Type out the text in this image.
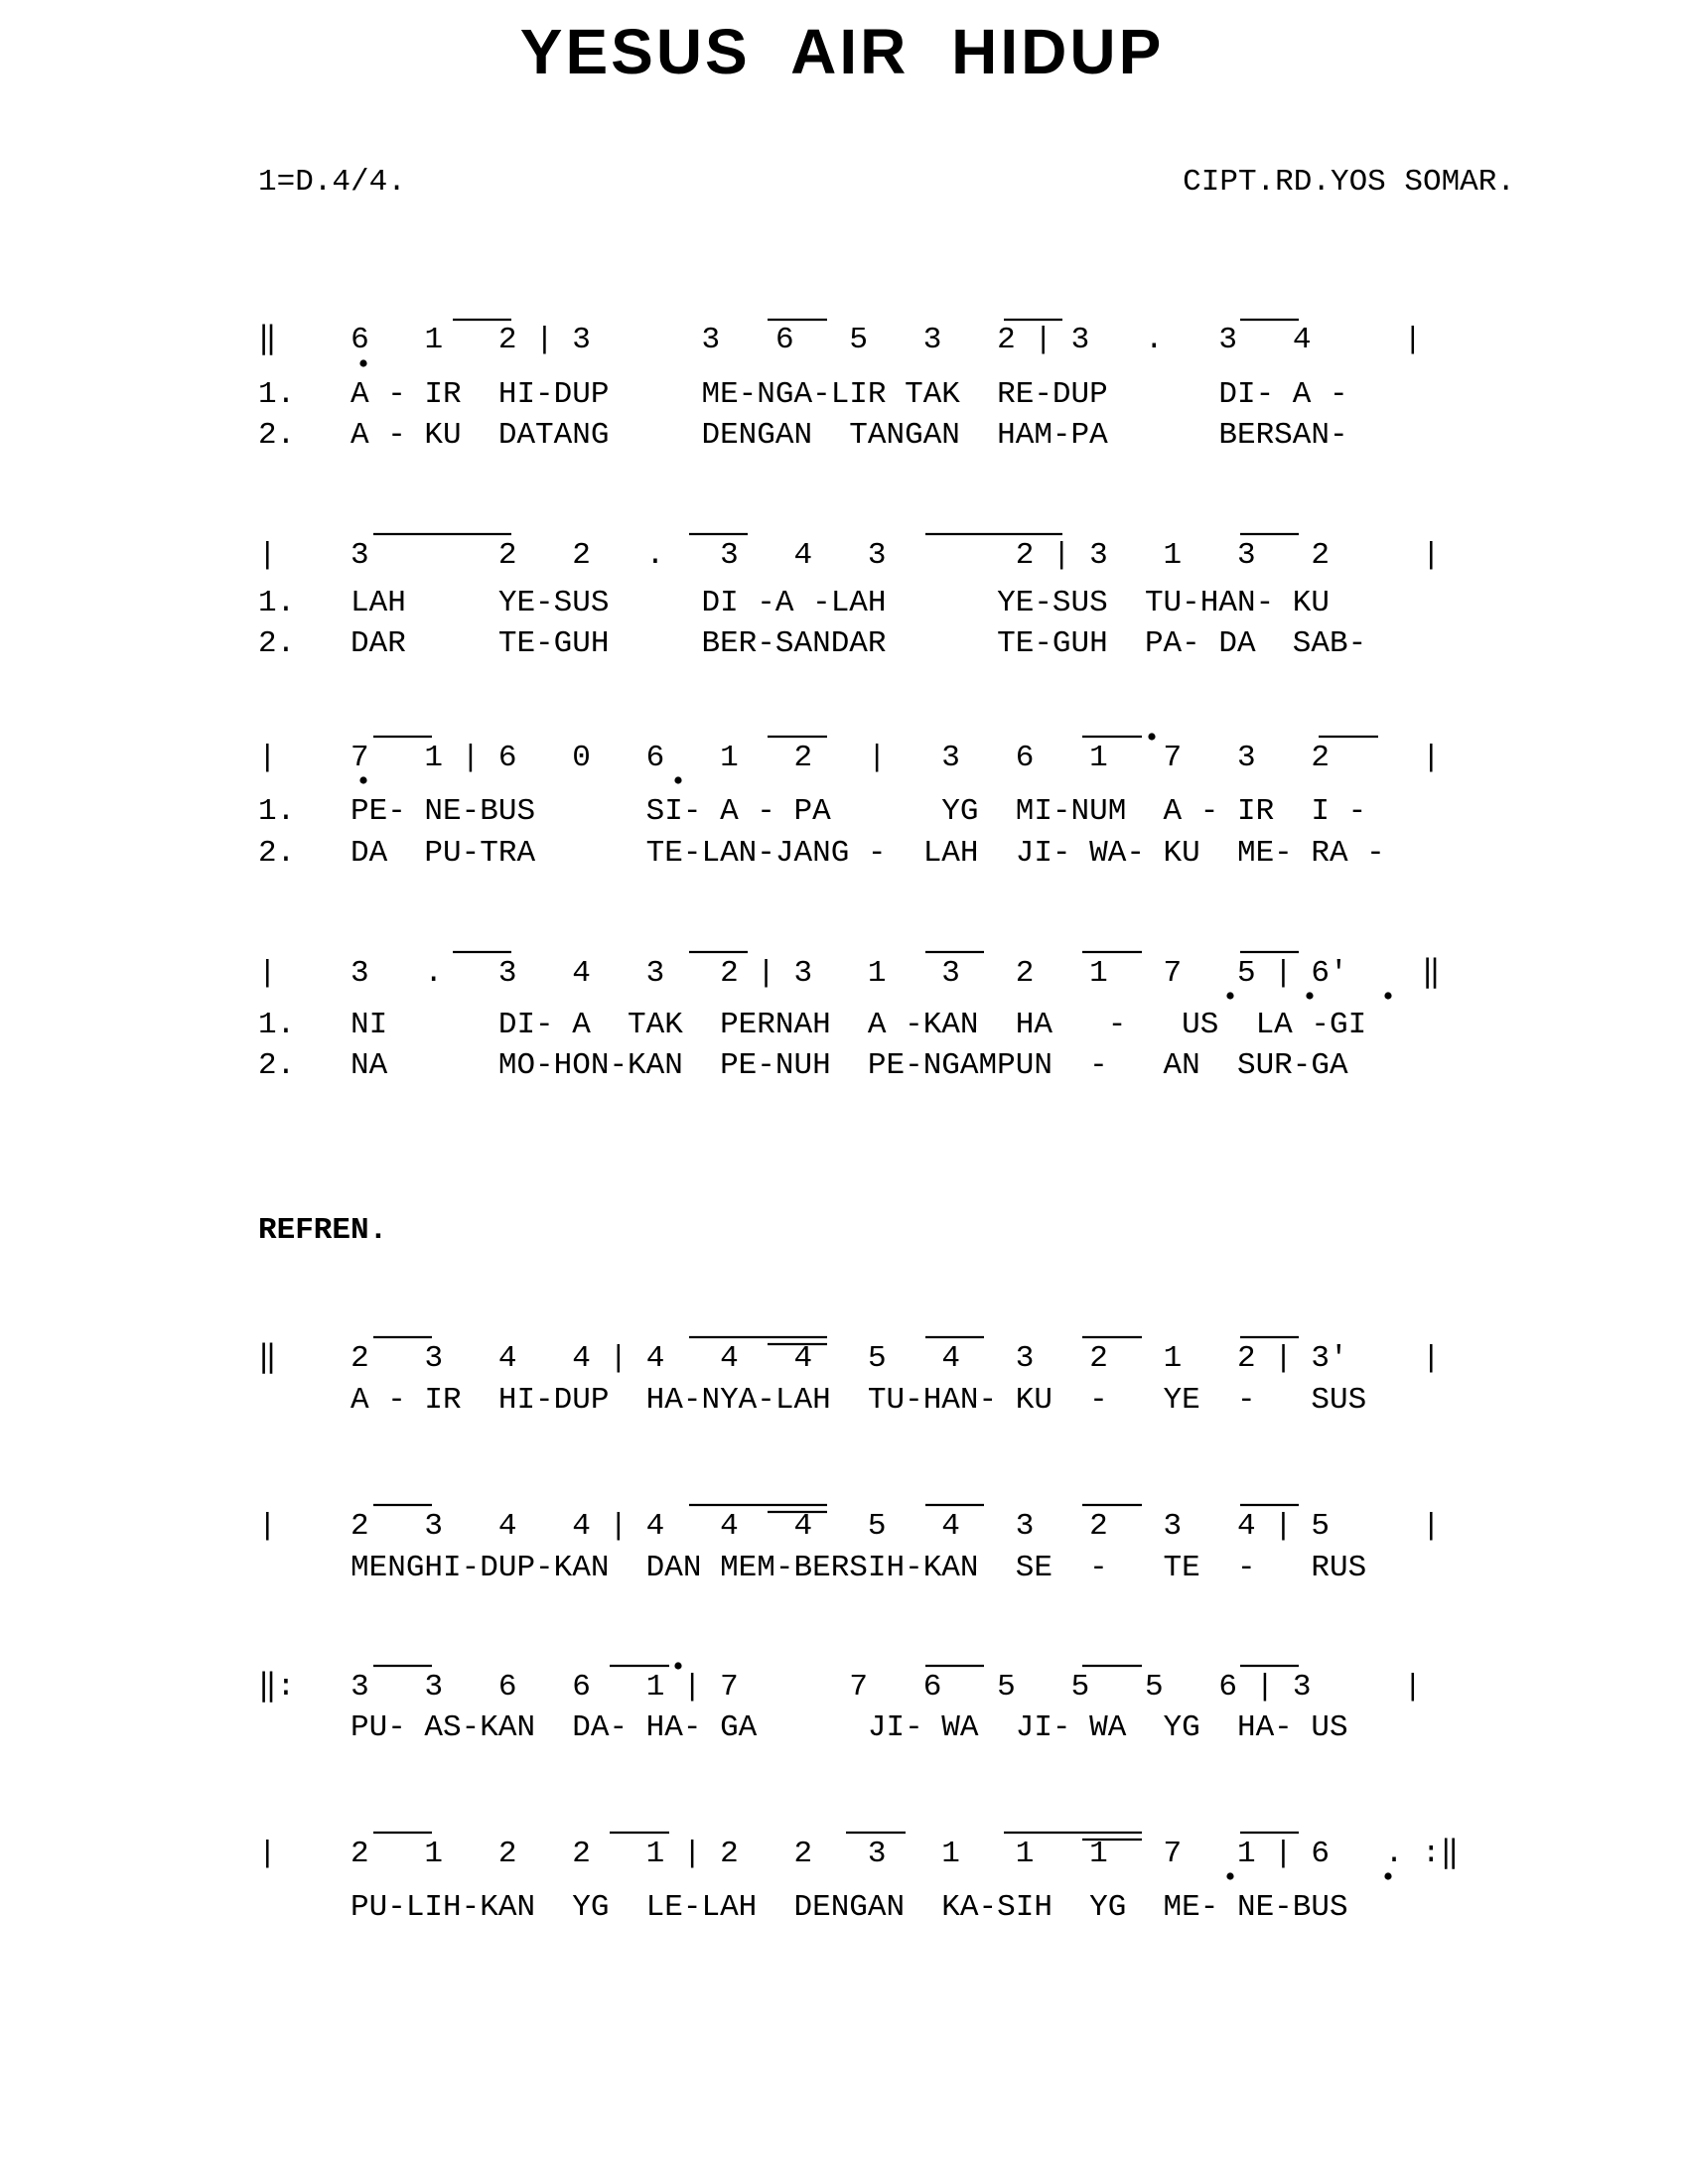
YESUS AIR HIDUP
1=D.4/4.	CIPT.RD.YOS SOMAR.
‖    6   1   2 | 3      3   6   5   3   2 | 3   .   3   4     |
1.   A - IR  HI-DUP     ME-NGA-LIR TAK  RE-DUP      DI- A -
2.   A - KU  DATANG     DENGAN  TANGAN  HAM-PA      BERSAN-
|    3       2   2   .   3   4   3       2 | 3   1   3   2     |
1.   LAH     YE-SUS     DI -A -LAH      YE-SUS  TU-HAN- KU
2.   DAR     TE-GUH     BER-SANDAR      TE-GUH  PA- DA  SAB-
|    7   1 | 6   0   6   1   2   |   3   6   1   7   3   2     |
1.   PE- NE-BUS      SI- A - PA      YG  MI-NUM  A - IR  I -
2.   DA  PU-TRA      TE-LAN-JANG -  LAH  JI- WA- KU  ME- RA -
|    3   .   3   4   3   2 | 3   1   3   2   1   7   5 | 6'    ‖
1.   NI      DI- A  TAK  PERNAH  A -KAN  HA   -   US  LA -GI
2.   NA      MO-HON-KAN  PE-NUH  PE-NGAMPUN  -   AN  SUR-GA
REFREN.
‖    2   3   4   4 | 4   4   4   5   4   3   2   1   2 | 3'    |
A - IR  HI-DUP  HA-NYA-LAH  TU-HAN- KU  -   YE  -   SUS
|    2   3   4   4 | 4   4   4   5   4   3   2   3   4 | 5     |
MENGHI-DUP-KAN  DAN MEM-BERSIH-KAN  SE  -   TE  -   RUS
‖:   3   3   6   6   1 | 7      7   6   5   5   5   6 | 3     |
PU- AS-KAN  DA- HA- GA      JI- WA  JI- WA  YG  HA- US
|    2   1   2   2   1 | 2   2   3   1   1   1   7   1 | 6   . :‖
PU-LIH-KAN  YG  LE-LAH  DENGAN  KA-SIH  YG  ME- NE-BUS
